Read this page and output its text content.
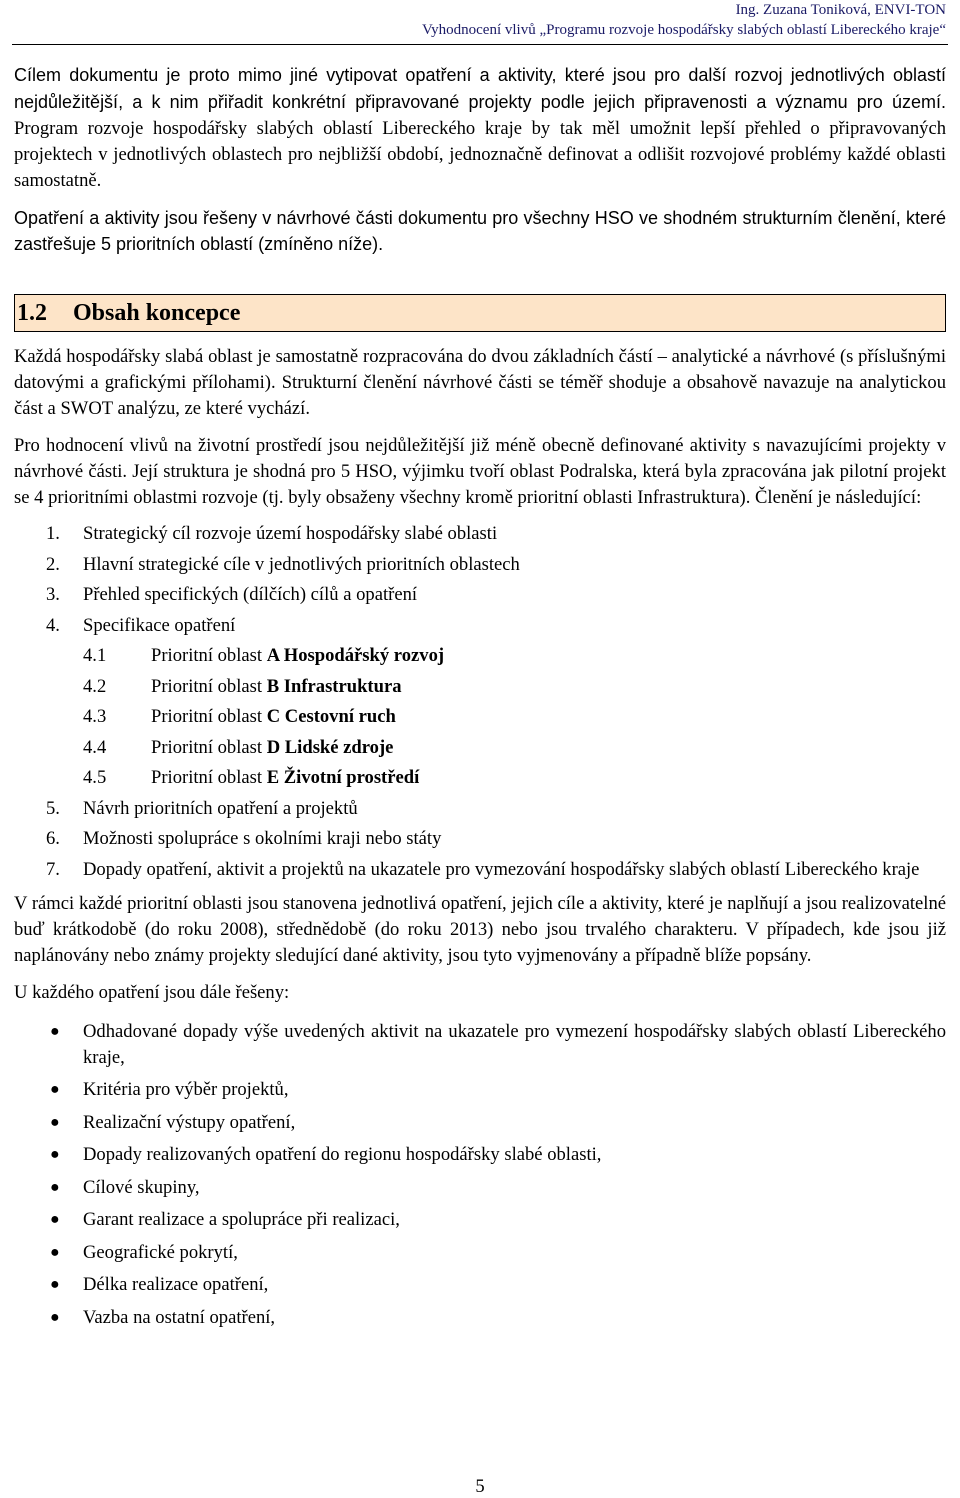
Ing. Zuzana Toniková, ENVI-TON
Vyhodnocení vlivů „Programu rozvoje hospodářsky slabých oblastí Libereckého kraje“

Cílem dokumentu je proto mimo jiné vytipovat opatření a aktivity, které jsou pro další rozvoj jednotlivých oblastí nejdůležitější, a k nim přiřadit konkrétní připravované projekty podle jejich připravenosti a významu pro území. Program rozvoje hospodářsky slabých oblastí Libereckého kraje by tak měl umožnit lepší přehled o připravovaných projektech v jednotlivých oblastech pro nejbližší období, jednoznačně definovat a odlišit rozvojové problémy každé oblasti samostatně.

Opatření a aktivity jsou řešeny v návrhové části dokumentu pro všechny HSO ve shodném strukturním členění, které zastřešuje 5 prioritních oblastí (zmíněno níže).

1.2	Obsah koncepce

Každá hospodářsky slabá oblast je samostatně rozpracována do dvou základních částí – analytické a návrhové (s příslušnými datovými a grafickými přílohami). Strukturní členění návrhové části se téměř shoduje a obsahově navazuje na analytickou část a SWOT analýzu, ze které vychází.

Pro hodnocení vlivů na životní prostředí jsou nejdůležitější již méně obecně definované aktivity s navazujícími projekty v návrhové části. Její struktura je shodná pro 5 HSO, výjimku tvoří oblast Podralska, která byla zpracována jak pilotní projekt se 4 prioritními oblastmi rozvoje (tj. byly obsaženy všechny kromě prioritní oblasti Infrastruktura). Členění je následující:

1.	Strategický cíl rozvoje území hospodářsky slabé oblasti
2.	Hlavní strategické cíle v jednotlivých prioritních oblastech
3.	Přehled specifických (dílčích) cílů a opatření
4.	Specifikace opatření
4.1	Prioritní oblast A Hospodářský rozvoj
4.2	Prioritní oblast B Infrastruktura
4.3	Prioritní oblast C Cestovní ruch
4.4	Prioritní oblast D Lidské zdroje
4.5	Prioritní oblast E Životní prostředí
5.	Návrh prioritních opatření a projektů
6.	Možnosti spolupráce s okolními kraji nebo státy
7.	Dopady opatření, aktivit a projektů na ukazatele pro vymezování hospodářsky slabých oblastí Libereckého kraje

V rámci každé prioritní oblasti jsou stanovena jednotlivá opatření, jejich cíle a aktivity, které je naplňují a jsou realizovatelné buď krátkodobě (do roku 2008), střednědobě (do roku 2013) nebo jsou trvalého charakteru. V případech, kde jsou již naplánovány nebo známy projekty sledující dané aktivity, jsou tyto vyjmenovány a případně blíže popsány.

U každého opatření jsou dále řešeny:

●	Odhadované dopady výše uvedených aktivit na ukazatele pro vymezení hospodářsky slabých oblastí Libereckého kraje,
●	Kritéria pro výběr projektů,
●	Realizační výstupy opatření,
●	Dopady realizovaných opatření do regionu hospodářsky slabé oblasti,
●	Cílové skupiny,
●	Garant realizace a spolupráce při realizaci,
●	Geografické pokrytí,
●	Délka realizace opatření,
●	Vazba na ostatní opatření,
5
